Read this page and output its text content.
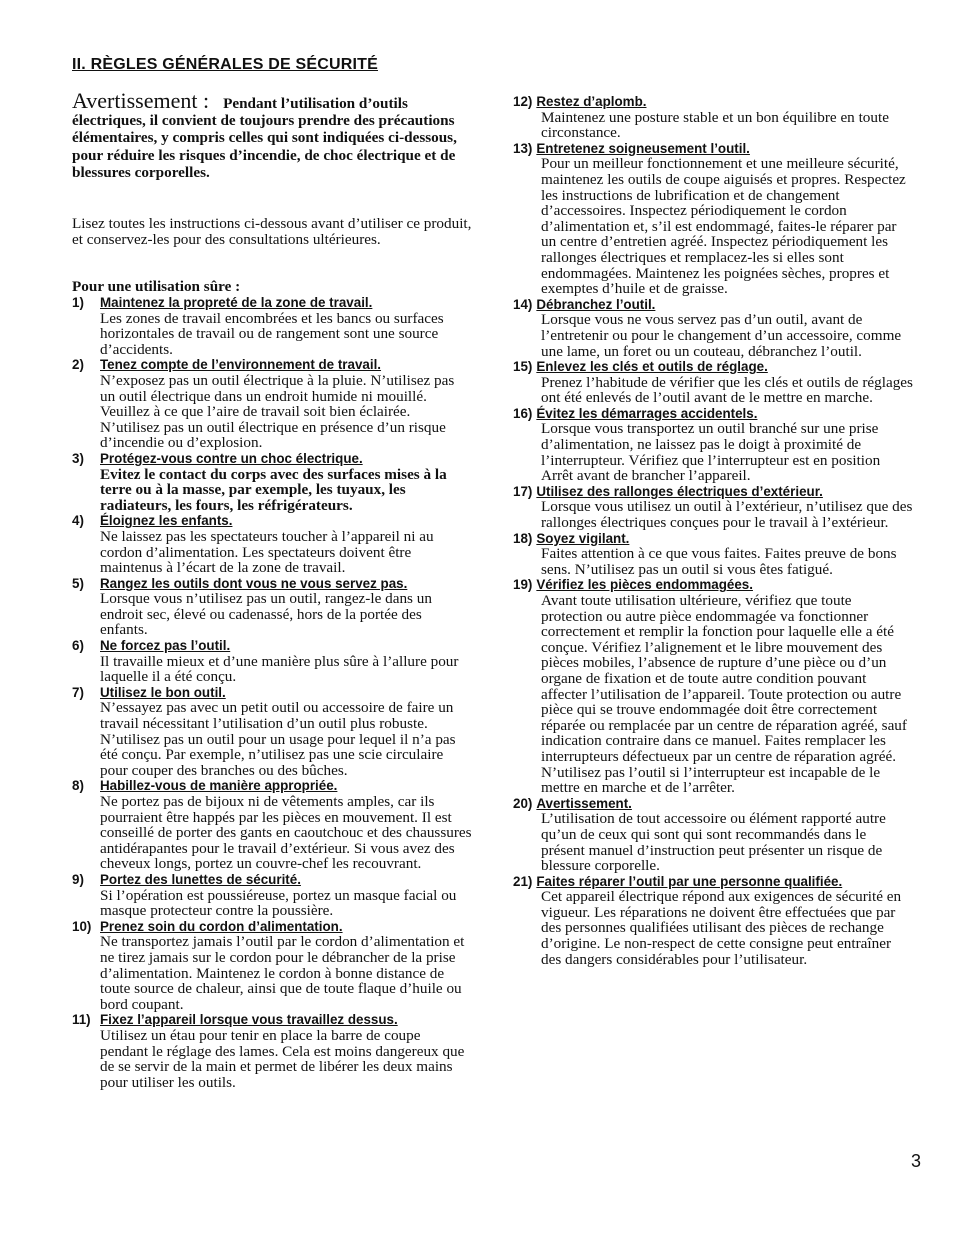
II. RÈGLES GÉNÉRALES DE SÉCURITÉ
Avertissement : Pendant l’utilisation d’outils électriques, il convient de toujours prendre des précautions élémentaires, y compris celles qui sont indiquées ci-dessous, pour réduire les risques d’incendie, de choc électrique et de blessures corporelles.
Lisez toutes les instructions ci-dessous avant d’utiliser ce produit, et conservez-les pour des consultations ultérieures.
Pour une utilisation sûre :
1) Maintenez la propreté de la zone de travail.
Les zones de travail encombrées et les bancs ou surfaces horizontales de travail ou de rangement sont une source d’accidents.
2) Tenez compte de l’environnement de travail.
N’exposez pas un outil électrique à la pluie. N’utilisez pas un outil électrique dans un endroit humide ni mouillé. Veuillez à ce que l’aire de travail soit bien éclairée. N’utilisez pas un outil électrique en présence d’un risque d’incendie ou d’explosion.
3) Protégez-vous contre un choc électrique.
Evitez le contact du corps avec des surfaces mises à la terre ou à la masse, par exemple, les tuyaux, les radiateurs, les fours, les réfrigérateurs.
4) Éloignez les enfants.
Ne laissez pas les spectateurs toucher à l’appareil ni au cordon d’alimentation. Les spectateurs doivent être maintenus à l’écart de la zone de travail.
5) Rangez les outils dont vous ne vous servez pas.
Lorsque vous n’utilisez pas un outil, rangez-le dans un endroit sec, élevé ou cadenassé, hors de la portée des enfants.
6) Ne forcez pas l’outil.
Il travaille mieux et d’une manière plus sûre à l’allure pour laquelle il a été conçu.
7) Utilisez le bon outil.
N’essayez pas avec un petit outil ou accessoire de faire un travail nécessitant l’utilisation d’un outil plus robuste. N’utilisez pas un outil pour un usage pour lequel il n’a pas été conçu. Par exemple, n’utilisez pas une scie circulaire pour couper des branches ou des bûches.
8) Habillez-vous de manière appropriée.
Ne portez pas de bijoux ni de vêtements amples, car ils pourraient être happés par les pièces en mouvement. Il est conseillé de porter des gants en caoutchouc et des chaussures antidérapantes pour le travail d’extérieur. Si vous avez des cheveux longs, portez un couvre-chef les recouvrant.
9) Portez des lunettes de sécurité.
Si l’opération est poussiéreuse, portez un masque facial ou masque protecteur contre la poussière.
10) Prenez soin du cordon d’alimentation.
Ne transportez jamais l’outil par le cordon d’alimentation et ne tirez jamais sur le cordon pour le débrancher de la prise d’alimentation. Maintenez le cordon à bonne distance de toute source de chaleur, ainsi que de toute flaque d’huile ou bord coupant.
11) Fixez l’appareil lorsque vous travaillez dessus.
Utilisez un étau pour tenir en place la barre de coupe pendant le réglage des lames. Cela est moins dangereux que de se servir de la main et permet de libérer les deux mains pour utiliser les outils.
12) Restez d’aplomb.
Maintenez une posture stable et un bon équilibre en toute circonstance.
13) Entretenez soigneusement l’outil.
Pour un meilleur fonctionnement et une meilleure sécurité, maintenez les outils de coupe aiguisés et propres. Respectez les instructions de lubrification et de changement d’accessoires. Inspectez périodiquement le cordon d’alimentation et, s’il est endommagé, faites-le réparer par un centre d’entretien agréé. Inspectez périodiquement les rallonges électriques et remplacez-les si elles sont endommagées. Maintenez les poignées sèches, propres et exemptes d’huile et de graisse.
14) Débranchez l’outil.
Lorsque vous ne vous servez pas d’un outil, avant de l’entretenir ou pour le changement d’un accessoire, comme une lame, un foret ou un couteau, débranchez l’outil.
15) Enlevez les clés et outils de réglage.
Prenez l’habitude de vérifier que les clés et outils de réglages ont été enlevés de l’outil avant de le mettre en marche.
16) Évitez les démarrages accidentels.
Lorsque vous transportez un outil branché sur une prise d’alimentation, ne laissez pas le doigt à proximité de l’interrupteur. Vérifiez que l’interrupteur est en position Arrêt avant de brancher l’appareil.
17) Utilisez des rallonges électriques d’extérieur.
Lorsque vous utilisez un outil à l’extérieur, n’utilisez que des rallonges électriques conçues pour le travail à l’extérieur.
18) Soyez vigilant.
Faites attention à ce que vous faites. Faites preuve de bons sens. N’utilisez pas un outil si vous êtes fatigué.
19) Vérifiez les pièces endommagées.
Avant toute utilisation ultérieure, vérifiez que toute protection ou autre pièce endommagée va fonctionner correctement et remplir la fonction pour laquelle elle a été conçue. Vérifiez l’alignement et le libre mouvement des pièces mobiles, l’absence de rupture d’une pièce ou d’un organe de fixation et de toute autre condition pouvant affecter l’utilisation de l’appareil. Toute protection ou autre pièce qui se trouve endommagée doit être correctement réparée ou remplacée par un centre de réparation agréé, sauf indication contraire dans ce manuel. Faites remplacer les interrupteurs défectueux par un centre de réparation agréé. N’utilisez pas l’outil si l’interrupteur est incapable de le mettre en marche et de l’arrêter.
20) Avertissement.
L’utilisation de tout accessoire ou élément rapporté autre qu’un de ceux qui sont qui sont recommandés dans le présent manuel d’instruction peut présenter un risque de blessure corporelle.
21) Faites réparer l’outil par une personne qualifiée.
Cet appareil électrique répond aux exigences de sécurité en vigueur. Les réparations ne doivent être effectuées que par des personnes qualifiées utilisant des pièces de rechange d’origine. Le non-respect de cette consigne peut entraîner des dangers considérables pour l’utilisateur.
3
